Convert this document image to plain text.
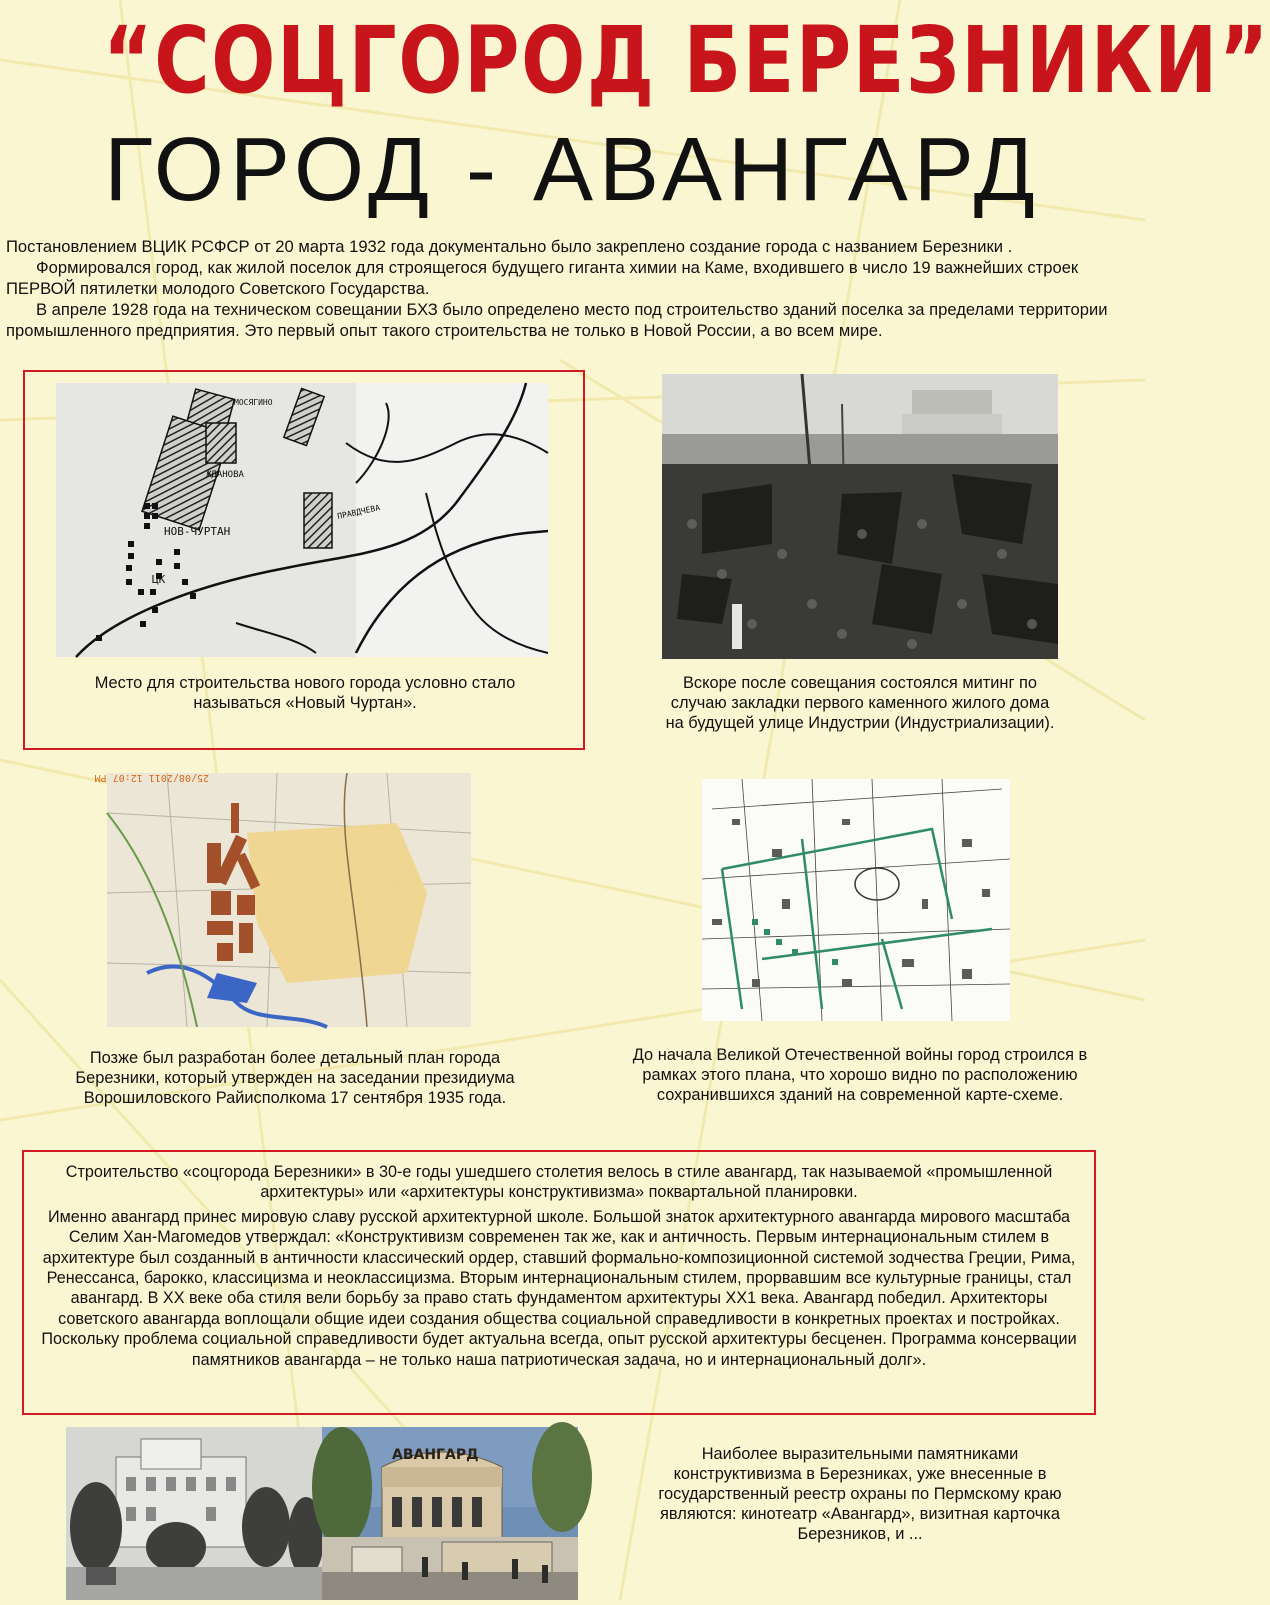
“СОЦГОРОД БЕРЕЗНИКИ”
ГОРОД - АВАНГАРД

Постановлением ВЦИК РСФСР от 20 марта 1932 года документально было закреплено создание города с названием Березники .

Формировался город, как жилой поселок для строящегося будущего гиганта химии на Каме, входившего в число 19 важнейших строек ПЕРВОЙ пятилетки молодого Советского Государства.

В апреле 1928 года на техническом совещании БХЗ было определено место под строительство зданий поселка за пределами территории промышленного предприятия. Это первый опыт такого строительства не только в Новой России, а во всем мире.

НОВ-ЧУРТАН
ЖДАНОВА
МОСЯГИНО
ПРАВДЧЕВА
ЦК
Место для строительства нового города условно стало называться «Новый Чуртан».
Вскоре после совещания состоялся митинг по случаю закладки первого каменного жилого дома на будущей улице Индустрии (Индустриализации).
25/08/2011 12:07 PM
Позже был разработан более детальный план города Березники, который утвержден на заседании президиума Ворошиловского Райисполкома 17 сентября 1935 года.
До начала Великой Отечественной войны город строился в рамках этого плана, что хорошо видно по расположению сохранившихся зданий на современной карте-схеме.

Строительство «соцгорода Березники» в 30-е годы ушедшего столетия велось в стиле авангард, так называемой «промышленной архитектуры» или «архитектуры конструктивизма» поквартальной планировки.

Именно авангард принес мировую славу русской архитектурной школе. Большой знаток архитектурного авангарда мирового масштаба Селим Хан-Магомедов утверждал: «Конструктивизм современен так же, как и античность. Первым интернациональным стилем в архитектуре был созданный в античности классический ордер, ставший формально-композиционной системой зодчества Греции, Рима, Ренессанса, барокко, классицизма и неоклассицизма. Вторым интернациональным стилем, прорвавшим все культурные границы, стал авангард. В ХХ веке оба стиля вели борьбу за право стать фундаментом архитектуры ХХ1 века. Авангард победил. Архитекторы советского авангарда воплощали общие идеи создания общества социальной справедливости в конкретных проектах и постройках. Поскольку проблема социальной справедливости будет актуальна всегда, опыт русской архитектуры бесценен. Программа консервации памятников авангарда – не только наша патриотическая задача, но и интернациональный долг».

АВАНГАРД	Наиболее выразительными памятниками конструктивизма в Березниках, уже внесенные в государственный реестр охраны по Пермскому краю являются: кинотеатр «Авангард», визитная карточка Березников, и ...
